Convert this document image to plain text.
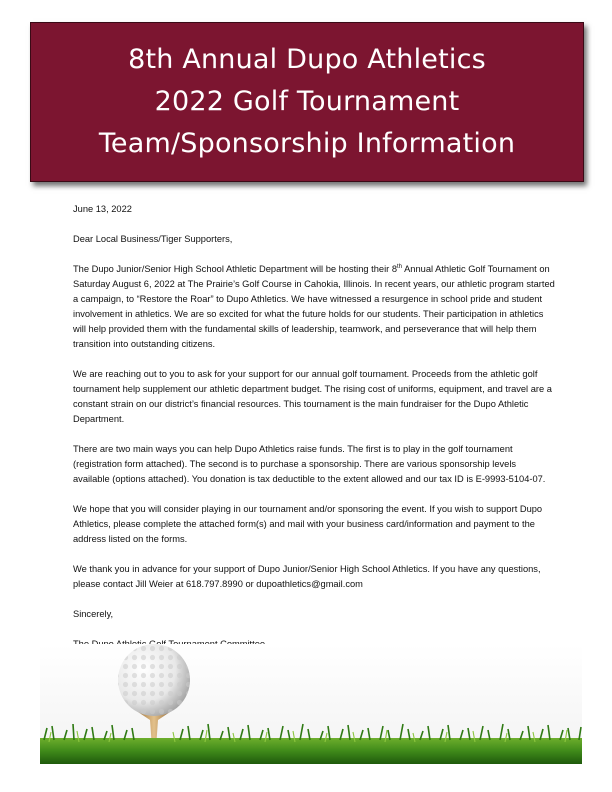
8th Annual Dupo Athletics
2022 Golf Tournament
Team/Sponsorship Information

June 13, 2022

Dear Local Business/Tiger Supporters,

The Dupo Junior/Senior High School Athletic Department will be hosting their 8th Annual Athletic Golf Tournament on Saturday August 6, 2022 at The Prairie’s Golf Course in Cahokia, Illinois. In recent years, our athletic program started a campaign, to “Restore the Roar” to Dupo Athletics. We have witnessed a resurgence in school pride and student involvement in athletics. We are so excited for what the future holds for our students. Their participation in athletics will help provided them with the fundamental skills of leadership, teamwork, and perseverance that will help them transition into outstanding citizens.

We are reaching out to you to ask for your support for our annual golf tournament. Proceeds from the athletic golf tournament help supplement our athletic department budget. The rising cost of uniforms, equipment, and travel are a constant strain on our district’s financial resources. This tournament is the main fundraiser for the Dupo Athletic Department.

There are two main ways you can help Dupo Athletics raise funds. The first is to play in the golf tournament (registration form attached). The second is to purchase a sponsorship. There are various sponsorship levels available (options attached). You donation is tax deductible to the extent allowed and our tax ID is E-9993-5104-07.

We hope that you will consider playing in our tournament and/or sponsoring the event. If you wish to support Dupo Athletics, please complete the attached form(s) and mail with your business card/information and payment to the address listed on the forms.

We thank you in advance for your support of Dupo Junior/Senior High School Athletics. If you have any questions, please contact Jill Weier at 618.797.8990 or dupoathletics@gmail.com

Sincerely,
